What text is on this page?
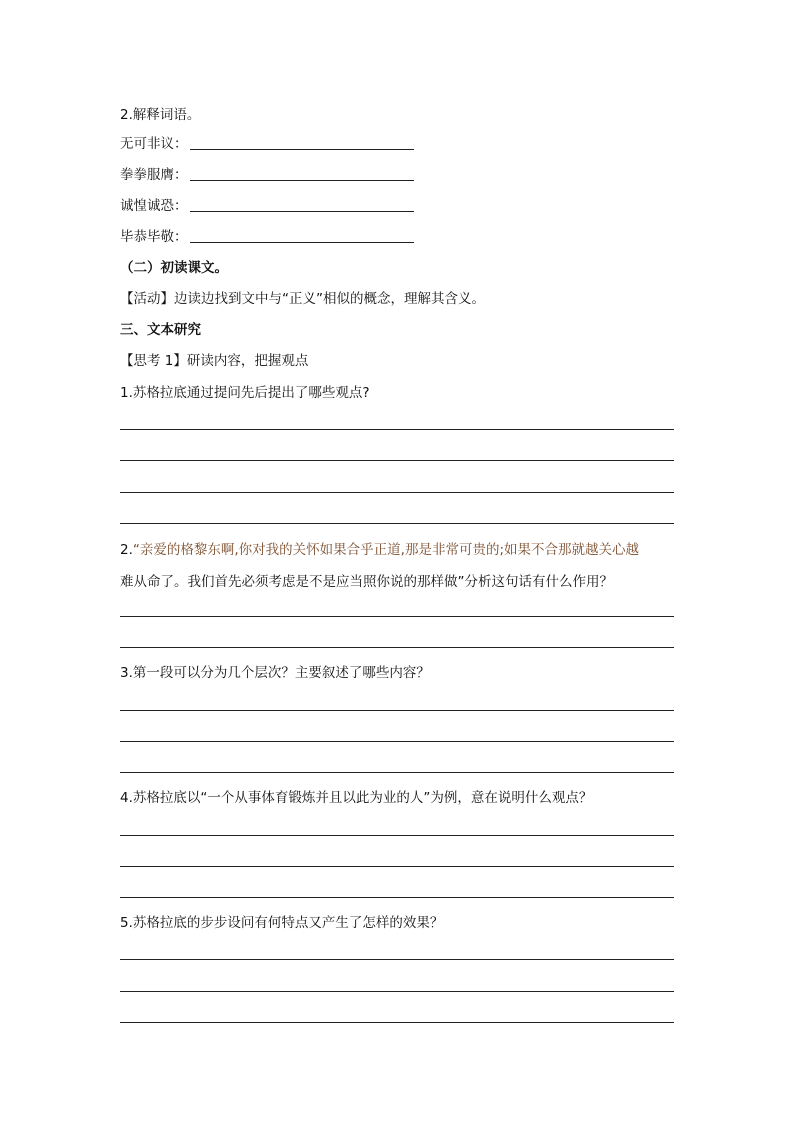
2.解释词语。
无可非议：
拳拳服膺：
诚惶诚恐：
毕恭毕敬：
（二）初读课文。
【活动】边读边找到文中与“正义”相似的概念，理解其含义。
三、文本研究
【思考 1】研读内容，把握观点
1.苏格拉底通过提问先后提出了哪些观点?
2.“亲爱的格黎东啊,你对我的关怀如果合乎正道,那是非常可贵的;如果不合那就越关心越
难从命了。我们首先必须考虑是不是应当照你说的那样做”分析这句话有什么作用？
3.第一段可以分为几个层次？主要叙述了哪些内容？
4.苏格拉底以“一个从事体育锻炼并且以此为业的人”为例，意在说明什么观点？
5.苏格拉底的步步设问有何特点又产生了怎样的效果？
